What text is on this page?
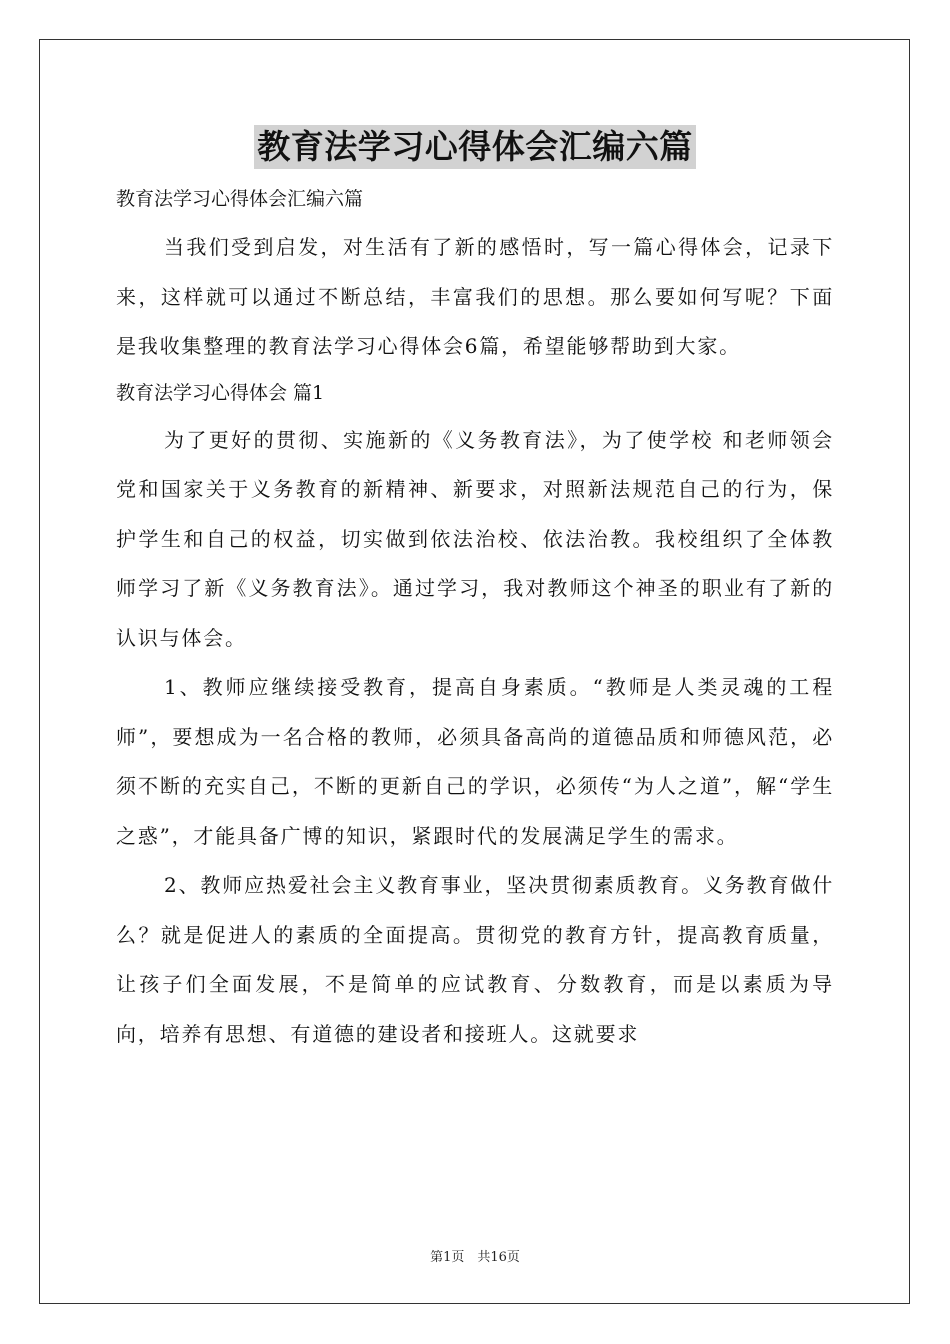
教育法学习心得体会汇编六篇

教育法学习心得体会汇编六篇

当我们受到启发，对生活有了新的感悟时，写一篇心得体会，记录下来，这样就可以通过不断总结，丰富我们的思想。那么要如何写呢？下面是我收集整理的教育法学习心得体会6篇，希望能够帮助到大家。

教育法学习心得体会 篇1

为了更好的贯彻、实施新的《义务教育法》，为了使学校 和老师领会党和国家关于义务教育的新精神、新要求，对照新法规范自己的行为，保护学生和自己的权益，切实做到依法治校、依法治教。我校组织了全体教师学习了新《义务教育法》。通过学习，我对教师这个神圣的职业有了新的认识与体会。

1、教师应继续接受教育，提高自身素质。“教师是人类灵魂的工程师”，要想成为一名合格的教师，必须具备高尚的道德品质和师德风范，必须不断的充实自己，不断的更新自己的学识，必须传“为人之道”，解“学生之惑”，才能具备广博的知识，紧跟时代的发展满足学生的需求。

2、教师应热爱社会主义教育事业，坚决贯彻素质教育。义务教育做什么？就是促进人的素质的全面提高。贯彻党的教育方针，提高教育质量，让孩子们全面发展，不是简单的应试教育、分数教育，而是以素质为导向，培养有思想、有道德的建设者和接班人。这就要求

第1页　共16页
